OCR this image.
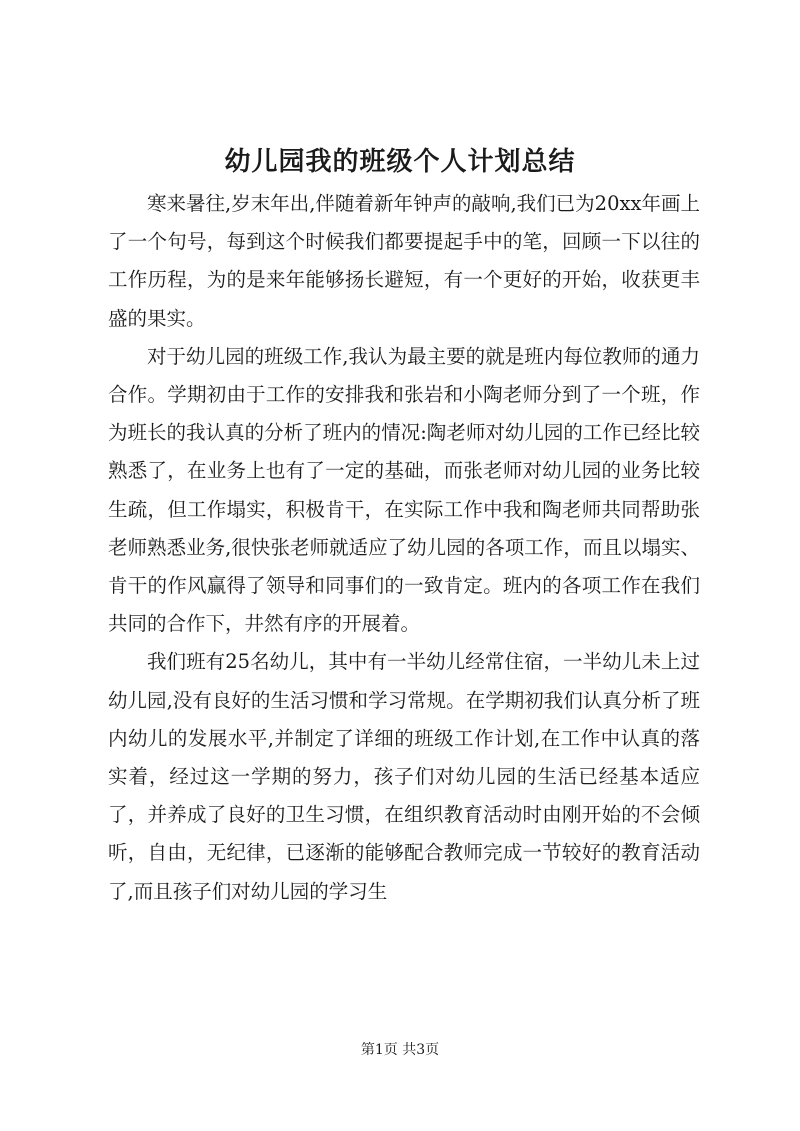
幼儿园我的班级个人计划总结

寒来暑往,岁末年出,伴随着新年钟声的敲响,我们已为20xx年画上了一个句号，每到这个时候我们都要提起手中的笔，回顾一下以往的工作历程，为的是来年能够扬长避短，有一个更好的开始，收获更丰盛的果实。

对于幼儿园的班级工作,我认为最主要的就是班内每位教师的通力合作。学期初由于工作的安排我和张岩和小陶老师分到了一个班，作为班长的我认真的分析了班内的情况:陶老师对幼儿园的工作已经比较熟悉了，在业务上也有了一定的基础，而张老师对幼儿园的业务比较生疏，但工作塌实，积极肯干，在实际工作中我和陶老师共同帮助张老师熟悉业务,很快张老师就适应了幼儿园的各项工作，而且以塌实、肯干的作风赢得了领导和同事们的一致肯定。班内的各项工作在我们共同的合作下，井然有序的开展着。

我们班有25名幼儿，其中有一半幼儿经常住宿，一半幼儿未上过幼儿园,没有良好的生活习惯和学习常规。在学期初我们认真分析了班内幼儿的发展水平,并制定了详细的班级工作计划,在工作中认真的落实着，经过这一学期的努力，孩子们对幼儿园的生活已经基本适应了，并养成了良好的卫生习惯，在组织教育活动时由刚开始的不会倾听，自由，无纪律，已逐渐的能够配合教师完成一节较好的教育活动了,而且孩子们对幼儿园的学习生

第1页 共3页
